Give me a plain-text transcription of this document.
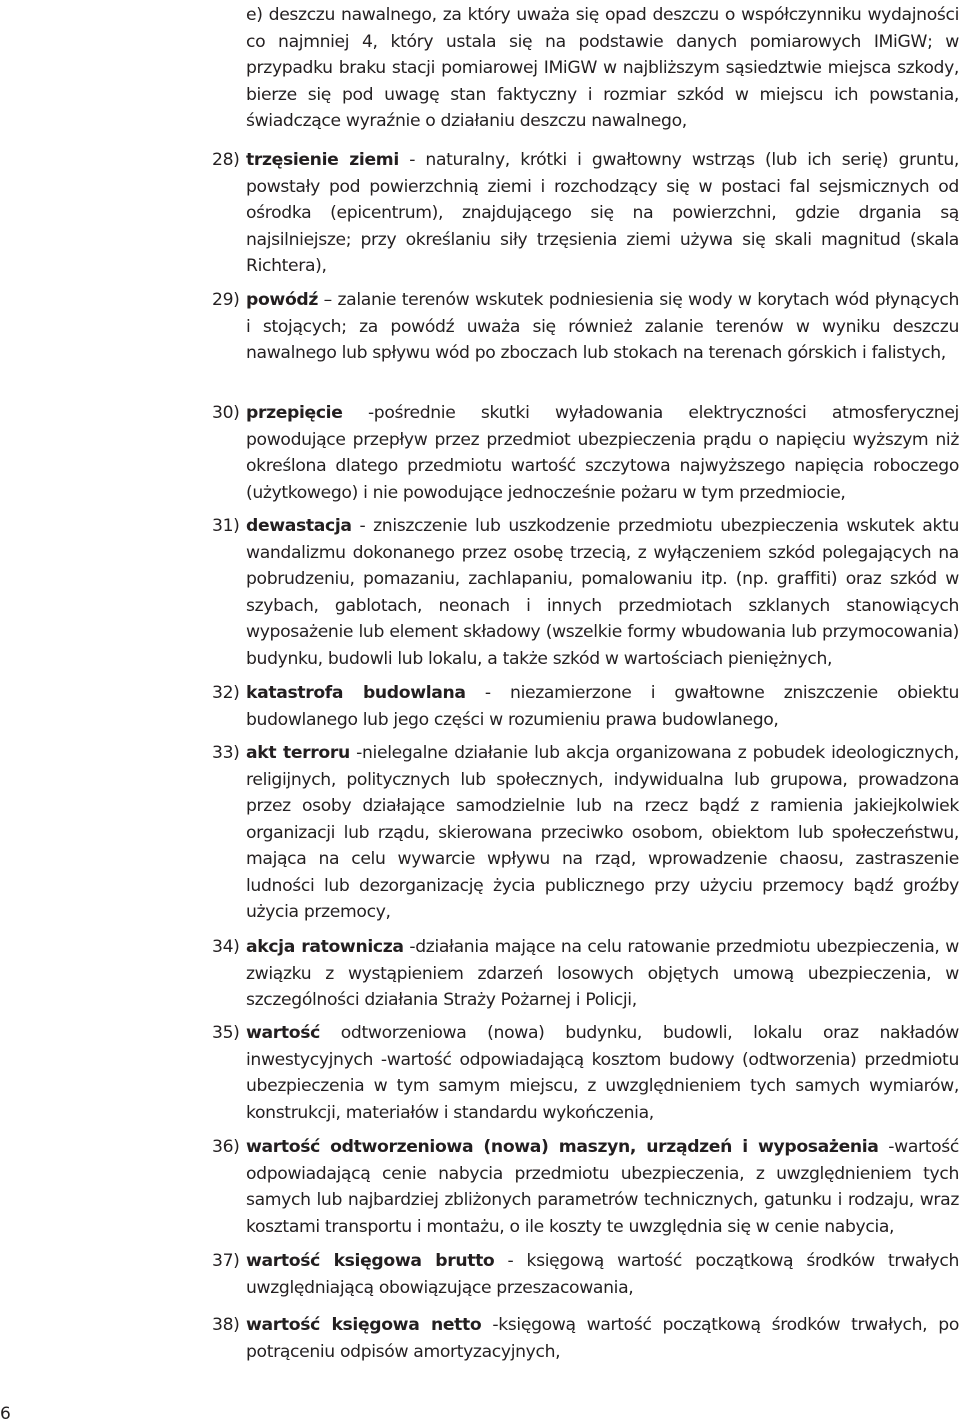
e) deszczu nawalnego, za który uważa się opad deszczu o współczynniku wydajności co najmniej 4, który ustala się na podstawie danych pomiarowych IMiGW; w przypadku braku stacji pomiarowej IMiGW w najbliższym sąsiedztwie miejsca szkody, bierze się pod uwagę stan faktyczny i rozmiar szkód w miejscu ich powstania, świadczące wyraźnie o działaniu deszczu nawalnego,
28) trzęsienie ziemi - naturalny, krótki i gwałtowny wstrząs (lub ich serię) gruntu, powstały pod powierzchnią ziemi i rozchodzący się w postaci fal sejsmicznych od ośrodka (epicentrum), znajdującego się na powierzchni, gdzie drgania są najsilniejsze; przy określaniu siły trzęsienia ziemi używa się skali magnitud (skala Richtera),
29) powódź – zalanie terenów wskutek podniesienia się wody w korytach wód płynących i stojących; za powódź uważa się również zalanie terenów w wyniku deszczu nawalnego lub spływu wód po zboczach lub stokach na terenach górskich i falistych,
30) przepięcie -pośrednie skutki wyładowania elektryczności atmosferycznej powodujące przepływ przez przedmiot ubezpieczenia prądu o napięciu wyższym niż określona dlatego przedmiotu wartość szczytowa najwyższego napięcia roboczego (użytkowego) i nie powodujące jednocześnie pożaru w tym przedmiocie,
31) dewastacja - zniszczenie lub uszkodzenie przedmiotu ubezpieczenia wskutek aktu wandalizmu dokonanego przez osobę trzecią, z wyłączeniem szkód polegających na pobrudzeniu, pomazaniu, zachlapaniu, pomalowaniu itp. (np. graffiti) oraz szkód w szybach, gablotach, neonach i innych przedmiotach szklanych stanowiących wyposażenie lub element składowy (wszelkie formy wbudowania lub przymocowania) budynku, budowli lub lokalu, a także szkód w wartościach pieniężnych,
32) katastrofa budowlana - niezamierzone i gwałtowne zniszczenie obiektu budowlanego lub jego części w rozumieniu prawa budowlanego,
33) akt terroru -nielegalne działanie lub akcja organizowana z pobudek ideologicznych, religijnych, politycznych lub społecznych, indywidualna lub grupowa, prowadzona przez osoby działające samodzielnie lub na rzecz bądź z ramienia jakiejkolwiek organizacji lub rządu, skierowana przeciwko osobom, obiektom lub społeczeństwu, mająca na celu wywarcie wpływu na rząd, wprowadzenie chaosu, zastraszenie ludności lub dezorganizację życia publicznego przy użyciu przemocy bądź groźby użycia przemocy,
34) akcja ratownicza -działania mające na celu ratowanie przedmiotu ubezpieczenia, w związku z wystąpieniem zdarzeń losowych objętych umową ubezpieczenia, w szczególności działania Straży Pożarnej i Policji,
35) wartość odtworzeniowa (nowa) budynku, budowli, lokalu oraz nakładów inwestycyjnych -wartość odpowiadającą kosztom budowy (odtworzenia) przedmiotu ubezpieczenia w tym samym miejscu, z uwzględnieniem tych samych wymiarów, konstrukcji, materiałów i standardu wykończenia,
36) wartość odtworzeniowa (nowa) maszyn, urządzeń i wyposażenia -wartość odpowiadającą cenie nabycia przedmiotu ubezpieczenia, z uwzględnieniem tych samych lub najbardziej zbliżonych parametrów technicznych, gatunku i rodzaju, wraz kosztami transportu i montażu, o ile koszty te uwzględnia się w cenie nabycia,
37) wartość księgowa brutto - księgową wartość początkową środków trwałych uwzględniającą obowiązujące przeszacowania,
38) wartość księgowa netto -księgową wartość początkową środków trwałych, po potrąceniu odpisów amortyzacyjnych,
6
